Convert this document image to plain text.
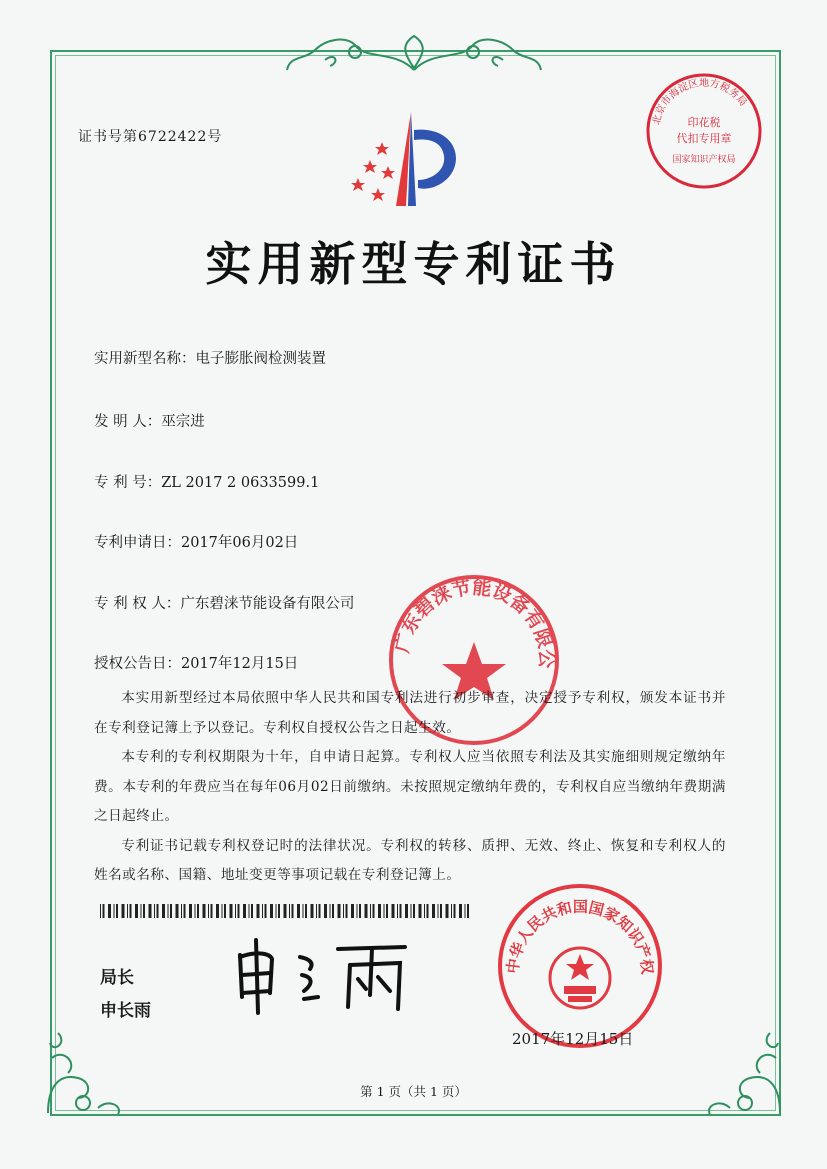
证书号第6722422号
北京市海淀区地方税务局
印花税
代扣专用章
国家知识产权局
实用新型专利证书
实用新型名称：电子膨胀阀检测装置
发 明 人：巫宗进
专 利 号：ZL 2017 2 0633599.1
专利申请日：2017年06月02日
专 利 权 人：广东碧涞节能设备有限公司
授权公告日：2017年12月15日
广东碧涞节能设备有限公

本实用新型经过本局依照中华人民共和国专利法进行初步审查，决定授予专利权，颁发本证书并在专利登记簿上予以登记。专利权自授权公告之日起生效。

本专利的专利权期限为十年，自申请日起算。专利权人应当依照专利法及其实施细则规定缴纳年费。本专利的年费应当在每年06月02日前缴纳。未按照规定缴纳年费的，专利权自应当缴纳年费期满之日起终止。

专利证书记载专利权登记时的法律状况。专利权的转移、质押、无效、终止、恢复和专利权人的姓名或名称、国籍、地址变更等事项记载在专利登记簿上。

局长
申长雨
中华人民共和国国家知识产权
2017年12月15日
第 1 页（共 1 页）
